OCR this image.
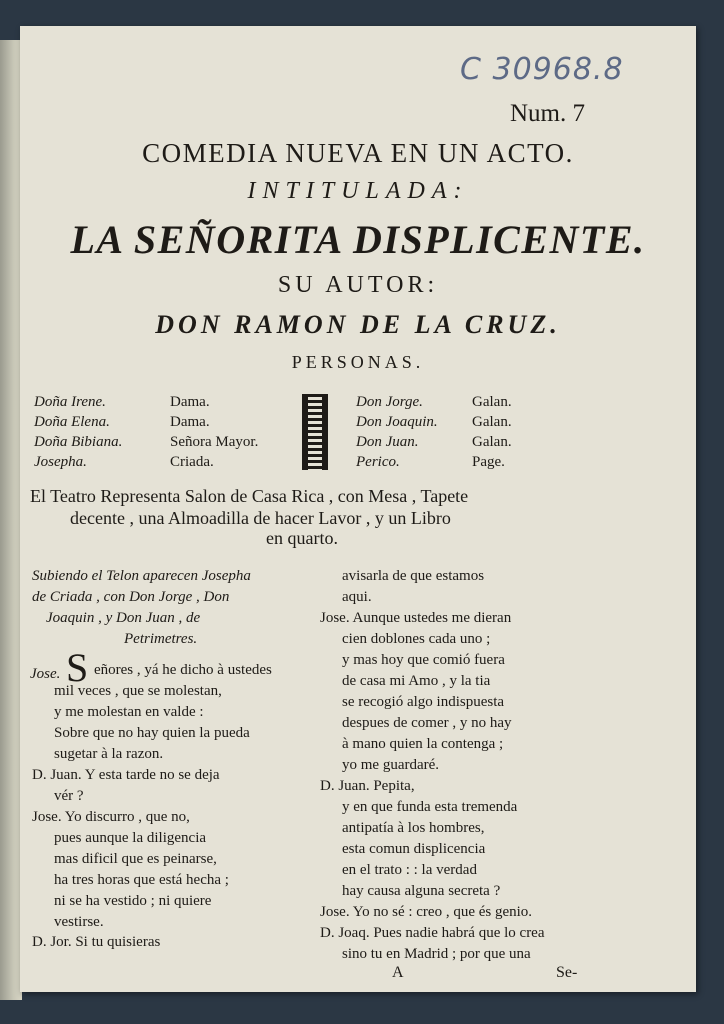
C 30968.8
Num. 7
COMEDIA NUEVA EN UN ACTO.
INTITULADA:
LA SEÑORITA DISPLICENTE.
SU AUTOR:
DON RAMON DE LA CRUZ.
PERSONAS.
Doña Irene.	Dama.
Doña Elena.	Dama.
Doña Bibiana.	Señora Mayor.
Josepha.	Criada.
Don Jorge.	Galan.
Don Joaquin. Galan.
Don Juan.	Galan.
Perico.	Page.
El Teatro Representa Salon de Casa Rica , con Mesa , Tapete
decente , una Almoadilla de hacer Lavor , y un Libro
en quarto.
Subiendo el Telon aparecen Josepha
de Criada , con Don Jorge , Don
Joaquin , y Don Juan , de
Petrimetres.
Jose. S eñores , yá he dicho à ustedes
mil veces , que se molestan,
y me molestan en valde :
Sobre que no hay quien la pueda
sugetar à la razon.
D. Juan. Y esta tarde no se deja
vér ?
Jose. Yo discurro , que no,
pues aunque la diligencia
mas dificil que es peinarse,
ha tres horas que está hecha ;
ni se ha vestido ; ni quiere
vestirse.
D. Jor. Si tu quisieras
avisarla de que estamos
aqui.
Jose. Aunque ustedes me dieran
cien doblones cada uno ;
y mas hoy que comió fuera
de casa mi Amo , y la tia
se recogió algo indispuesta
despues de comer , y no hay
à mano quien la contenga ;
yo me guardaré.
D. Juan. Pepita,
y en que funda esta tremenda
antipatía à los hombres,
esta comun displicencia
en el trato : : la verdad
hay causa alguna secreta ?
Jose. Yo no sé : creo , que és genio.
D. Joaq. Pues nadie habrá que lo crea
sino tu en Madrid ; por que una
A	Se-
